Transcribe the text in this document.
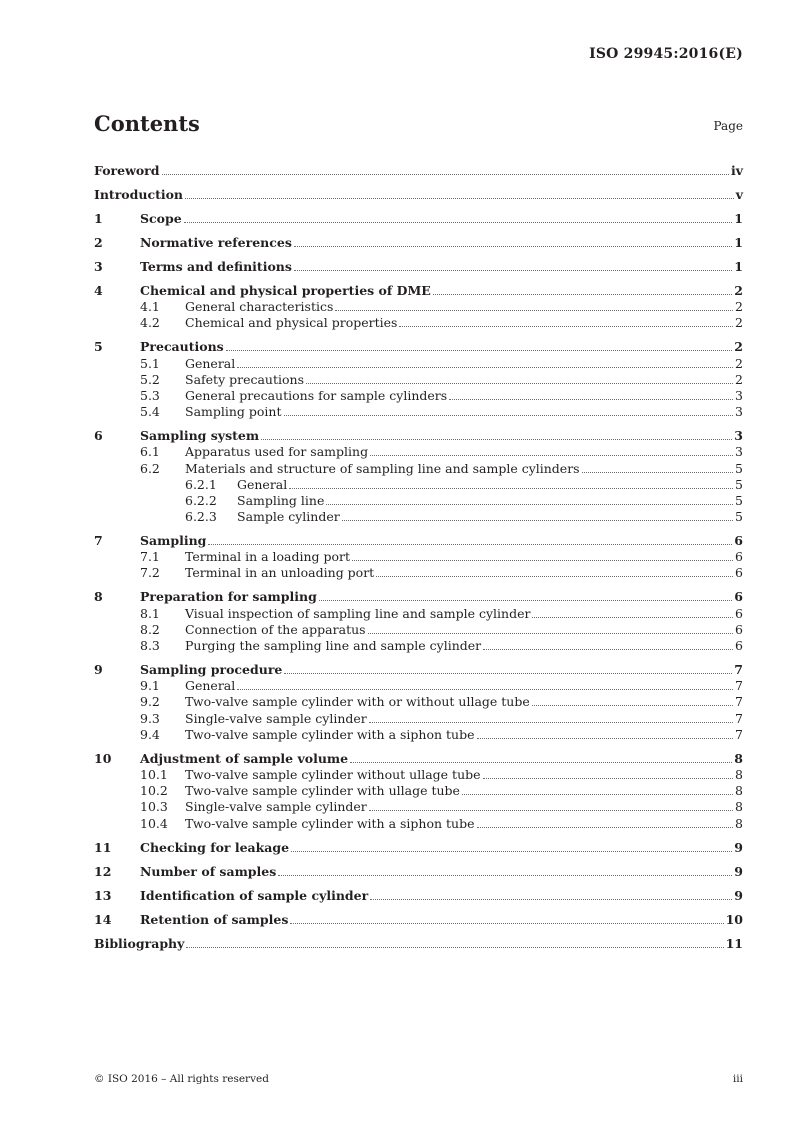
ISO 29945:2016(E)
Contents	Page
Foreword	iv
Introduction	v
1	Scope	1
2	Normative references	1
3	Terms and definitions	1
4	Chemical and physical properties of DME	2
4.1	General characteristics	2
4.2	Chemical and physical properties	2
5	Precautions	2
5.1	General	2
5.2	Safety precautions	2
5.3	General precautions for sample cylinders	3
5.4	Sampling point	3
6	Sampling system	3
6.1	Apparatus used for sampling	3
6.2	Materials and structure of sampling line and sample cylinders	5
6.2.1	General	5
6.2.2	Sampling line	5
6.2.3	Sample cylinder	5
7	Sampling	6
7.1	Terminal in a loading port	6
7.2	Terminal in an unloading port	6
8	Preparation for sampling	6
8.1	Visual inspection of sampling line and sample cylinder	6
8.2	Connection of the apparatus	6
8.3	Purging the sampling line and sample cylinder	6
9	Sampling procedure	7
9.1	General	7
9.2	Two-valve sample cylinder with or without ullage tube	7
9.3	Single-valve sample cylinder	7
9.4	Two-valve sample cylinder with a siphon tube	7
10	Adjustment of sample volume	8
10.1	Two-valve sample cylinder without ullage tube	8
10.2	Two-valve sample cylinder with ullage tube	8
10.3	Single-valve sample cylinder	8
10.4	Two-valve sample cylinder with a siphon tube	8
11	Checking for leakage	9
12	Number of samples	9
13	Identification of sample cylinder	9
14	Retention of samples	10
Bibliography	11
© ISO 2016 – All rights reserved	iii
